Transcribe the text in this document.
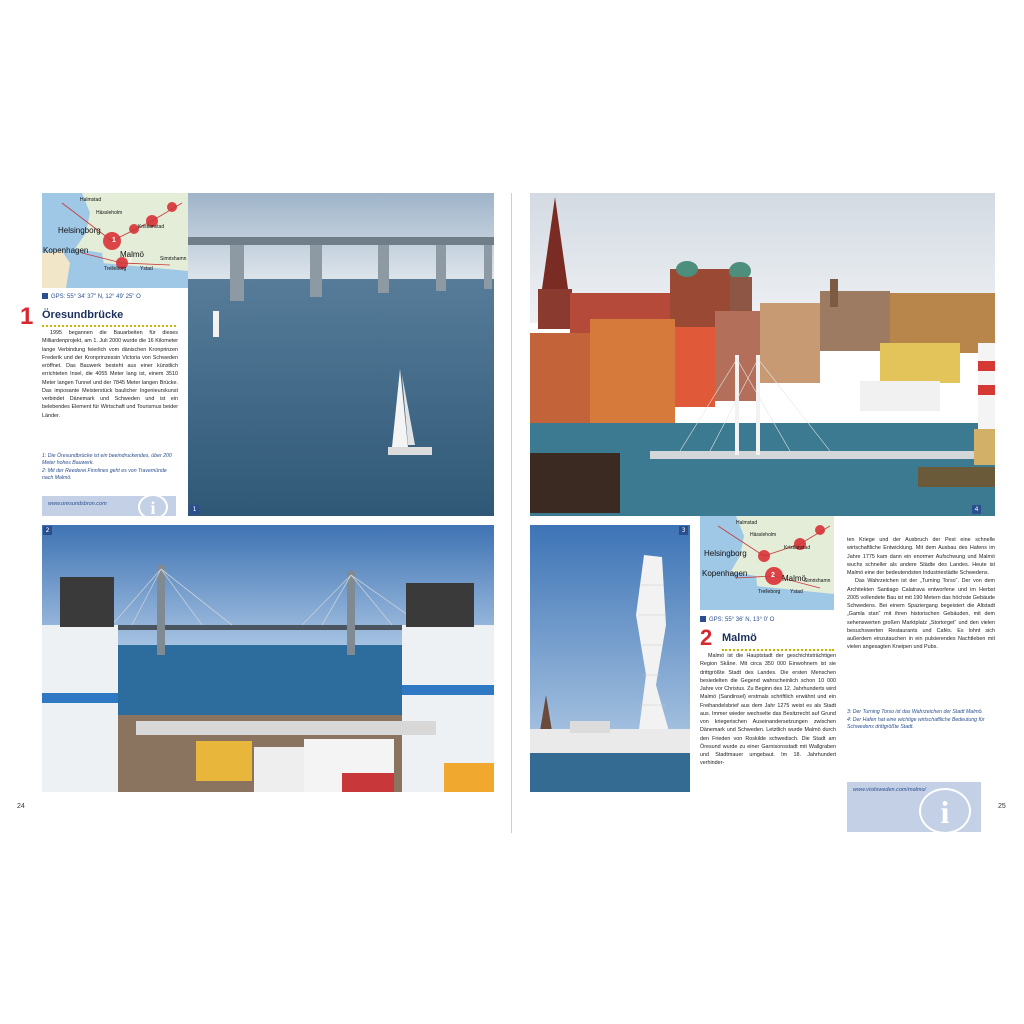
Halmstad
Hässleholm
Helsingborg	Kristianstad
Kopenhagen	Malmö
Trelleborg	Ystad
Simrishamn
1
2
GPS: 55° 34' 37" N, 12° 49' 25" O
1 Öresundbrücke

1995 begannen die Bauarbeiten für dieses Milliardenprojekt, am 1. Juli 2000 wurde die 16 Kilometer lange Verbindung feierlich vom dänischen Kronprinzen Frederik und der Kronprinzessin Victoria von Schweden eröffnet. Das Bauwerk besteht aus einer künstlich errichteten Insel, die 4055 Meter lang ist, einem 3510 Meter langen Tunnel und der 7845 Meter langen Brücke. Das imposante Meisterstück baulicher Ingenieurskunst verbindet Dänemark und Schweden und ist ein belebendes Element für Wirtschaft und Tourismus beider Länder.

1: Die Öresundbrücke ist ein beeindruckendes, über 200 Meter hohes Bauwerk.

2: Mit der Reederei Finnlines geht es von Travemünde nach Malmö.

www.oresundsbron.com	i	1
2
24
4
3
Halmstad
Hässleholm
Helsingborg
Kristianstad
Kopenhagen
Malmö
Trelleborg Ystad
Simrishamn
2
GPS: 55° 36' N, 13° 0' O
2 Malmö

Malmö ist die Hauptstadt der geschichtsträchtigen Region Skåne. Mit circa 350 000 Einwohnern ist sie drittgrößte Stadt des Landes. Die ersten Menschen besiedelten die Gegend wahrscheinlich schon 10 000 Jahre vor Christus. Zu Beginn des 12. Jahrhunderts wird Malmö (Sandinsel) erstmals schriftlich erwähnt und ein Freihandelsbrief aus dem Jahr 1275 weist es als Stadt aus. Immer wieder wechselte das Besitzrecht auf Grund von kriegerischen Auseinandersetzungen zwischen Dänemark und Schweden. Letztlich wurde Malmö durch den Frieden von Roskilde schwedisch. Die Stadt am Öresund wurde zu einer Garnisonsstadt mit Wallgraben und Stadtmauer umgebaut. Im 18. Jahrhundert verhinder-

ten Kriege und der Ausbruch der Pest eine schnelle wirtschaftliche Entwicklung. Mit dem Ausbau des Hafens im Jahre 1775 kam dann ein enormer Aufschwung und Malmö wuchs schneller als andere Städte des Landes. Heute ist Malmö eine der bedeutendsten Industriestädte Schwedens.

Das Wahrzeichen ist der „Turning Torso“. Der von dem Architekten Santiago Calatrava entworfene und im Herbst 2005 vollendete Bau ist mit 190 Metern das höchste Gebäude Schwedens. Bei einem Spaziergang begeistert die Altstadt „Gamla stan“ mit ihren historischen Gebäuden, mit dem sehenswerten großen Marktplatz „Stortorget“ und den vielen besuchswerten Restaurants und Cafés. Es lohnt sich außerdem einzutauchen in ein pulsierendes Nachtleben mit vielen angesagten Kneipen und Pubs.

3: Der Turning Torso ist das Wahrzeichen der Stadt Malmö.

4: Der Hafen hat eine wichtige wirtschaftliche Bedeutung für Schwedens drittgrößte Stadt.

www.visitsweden.com/malmo/
i	25
